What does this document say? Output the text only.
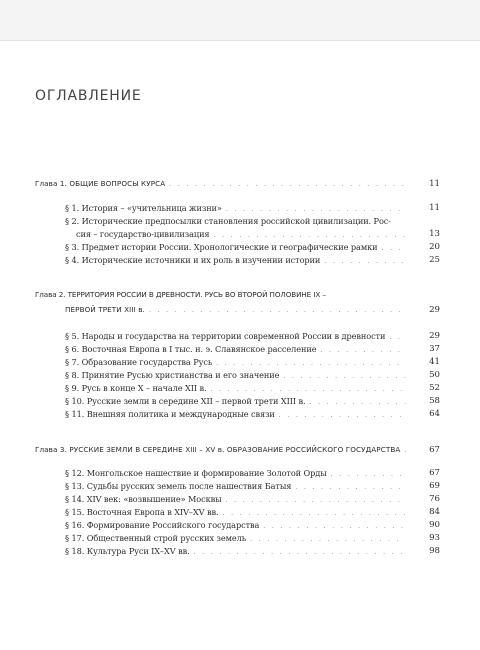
ОГЛАВЛЕНИЕ
Глава 1. ОБЩИЕ ВОПРОСЫ КУРСА . . .	11
§ 1. История – «учительница жизни» . . .	11
§ 2. Исторические предпосылки становления российской цивилизации. Рос-
сия – государство-цивилизация . . .	13
§ 3. Предмет истории России. Хронологические и географические рамки . . .	20
§ 4. Исторические источники и их роль в изучении истории . . .	25
Глава 2. ТЕРРИТОРИЯ РОССИИ В ДРЕВНОСТИ. РУСЬ ВО ВТОРОЙ ПОЛОВИНЕ IX –
ПЕРВОЙ ТРЕТИ XIII в. . . .	29
§ 5. Народы и государства на территории современной России в древности . . .	29
§ 6. Восточная Европа в I тыс. н. э. Славянское расселение . . .	37
§ 7. Образование государства Русь . . .	41
§ 8. Принятие Русью христианства и его значение . . .	50
§ 9. Русь в конце X – начале XII в. . . .	52
§ 10. Русские земли в середине XII – первой трети XIII в. . . .	58
§ 11. Внешняя политика и международные связи . . .	64
Глава 3. РУССКИЕ ЗЕМЛИ В СЕРЕДИНЕ XIII – XV в. ОБРАЗОВАНИЕ РОССИЙСКОГО ГОСУДАРСТВА . . .	67
§ 12. Монгольское нашествие и формирование Золотой Орды . . .	67
§ 13. Судьбы русских земель после нашествия Батыя . . .	69
§ 14. XIV век: «возвышение» Москвы . . .	76
§ 15. Восточная Европа в XIV–XV вв. . . .	84
§ 16. Формирование Российского государства . . .	90
§ 17. Общественный строй русских земель . . .	93
§ 18. Культура Руси IX–XV вв. . . .	98
